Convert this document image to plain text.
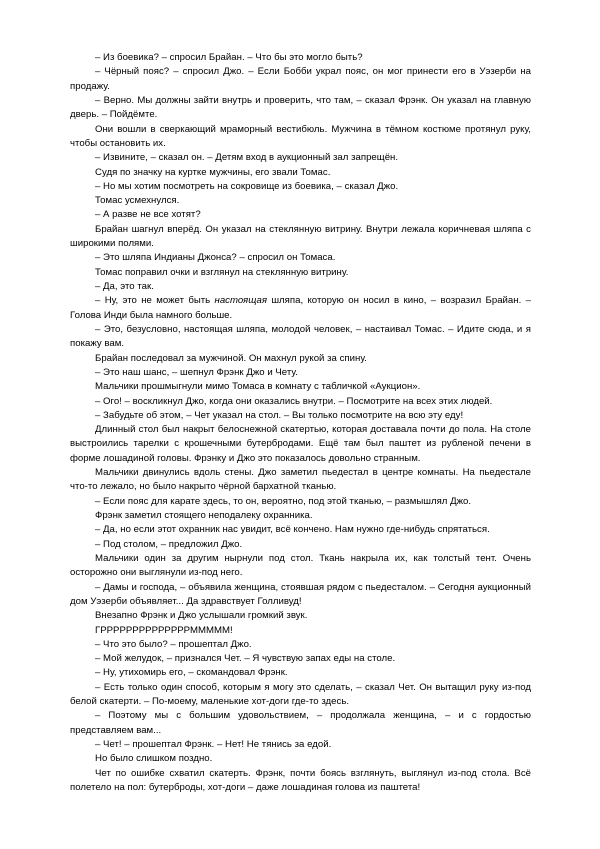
– Из боевика? – спросил Брайан. – Что бы это могло быть?

– Чёрный пояс? – спросил Джо. – Если Бобби украл пояс, он мог принести его в Уэзерби на продажу.

– Верно. Мы должны зайти внутрь и проверить, что там, – сказал Фрэнк. Он указал на главную дверь. – Пойдёмте.

Они вошли в сверкающий мраморный вестибюль. Мужчина в тёмном костюме протянул руку, чтобы остановить их.

– Извините, – сказал он. – Детям вход в аукционный зал запрещён.

Судя по значку на куртке мужчины, его звали Томас.

– Но мы хотим посмотреть на сокровище из боевика, – сказал Джо.

Томас усмехнулся.

– А разве не все хотят?

Брайан шагнул вперёд. Он указал на стеклянную витрину. Внутри лежала коричневая шляпа с широкими полями.

– Это шляпа Индианы Джонса? – спросил он Томаса.

Томас поправил очки и взглянул на стеклянную витрину.

– Да, это так.

– Ну, это не может быть настоящая шляпа, которую он носил в кино, – возразил Брайан. – Голова Инди была намного больше.

– Это, безусловно, настоящая шляпа, молодой человек, – настаивал Томас. – Идите сюда, и я покажу вам.

Брайан последовал за мужчиной. Он махнул рукой за спину.

– Это наш шанс, – шепнул Фрэнк Джо и Чету.

Мальчики прошмыгнули мимо Томаса в комнату с табличкой «Аукцион».

– Ого! – воскликнул Джо, когда они оказались внутри. – Посмотрите на всех этих людей.

– Забудьте об этом, – Чет указал на стол. – Вы только посмотрите на всю эту еду!

Длинный стол был накрыт белоснежной скатертью, которая доставала почти до пола. На столе выстроились тарелки с крошечными бутербродами. Ещё там был паштет из рубленой печени в форме лошадиной головы. Фрэнку и Джо это показалось довольно странным.

Мальчики двинулись вдоль стены. Джо заметил пьедестал в центре комнаты. На пьедестале что-то лежало, но было накрыто чёрной бархатной тканью.

– Если пояс для карате здесь, то он, вероятно, под этой тканью, – размышлял Джо.

Фрэнк заметил стоящего неподалеку охранника.

– Да, но если этот охранник нас увидит, всё кончено. Нам нужно где-нибудь спрятаться.

– Под столом, – предложил Джо.

Мальчики один за другим нырнули под стол. Ткань накрыла их, как толстый тент. Очень осторожно они выглянули из-под него.

– Дамы и господа, – объявила женщина, стоявшая рядом с пьедесталом. – Сегодня аукционный дом Уэзерби объявляет... Да здравствует Голливуд!

Внезапно Фрэнк и Джо услышали громкий звук.

ГРРРРРРРРРРРРРРМММММ!

– Что это было? – прошептал Джо.

– Мой желудок, – признался Чет. – Я чувствую запах еды на столе.

– Ну, утихомирь его, – скомандовал Фрэнк.

– Есть только один способ, которым я могу это сделать, – сказал Чет. Он вытащил руку из-под белой скатерти. – По-моему, маленькие хот-доги где-то здесь.

– Поэтому мы с большим удовольствием, – продолжала женщина, – и с гордостью представляем вам...

– Чет! – прошептал Фрэнк. – Нет! Не тянись за едой.

Но было слишком поздно.

Чет по ошибке схватил скатерть. Фрэнк, почти боясь взглянуть, выглянул из-под стола. Всё полетело на пол: бутерброды, хот-доги – даже лошадиная голова из паштета!
